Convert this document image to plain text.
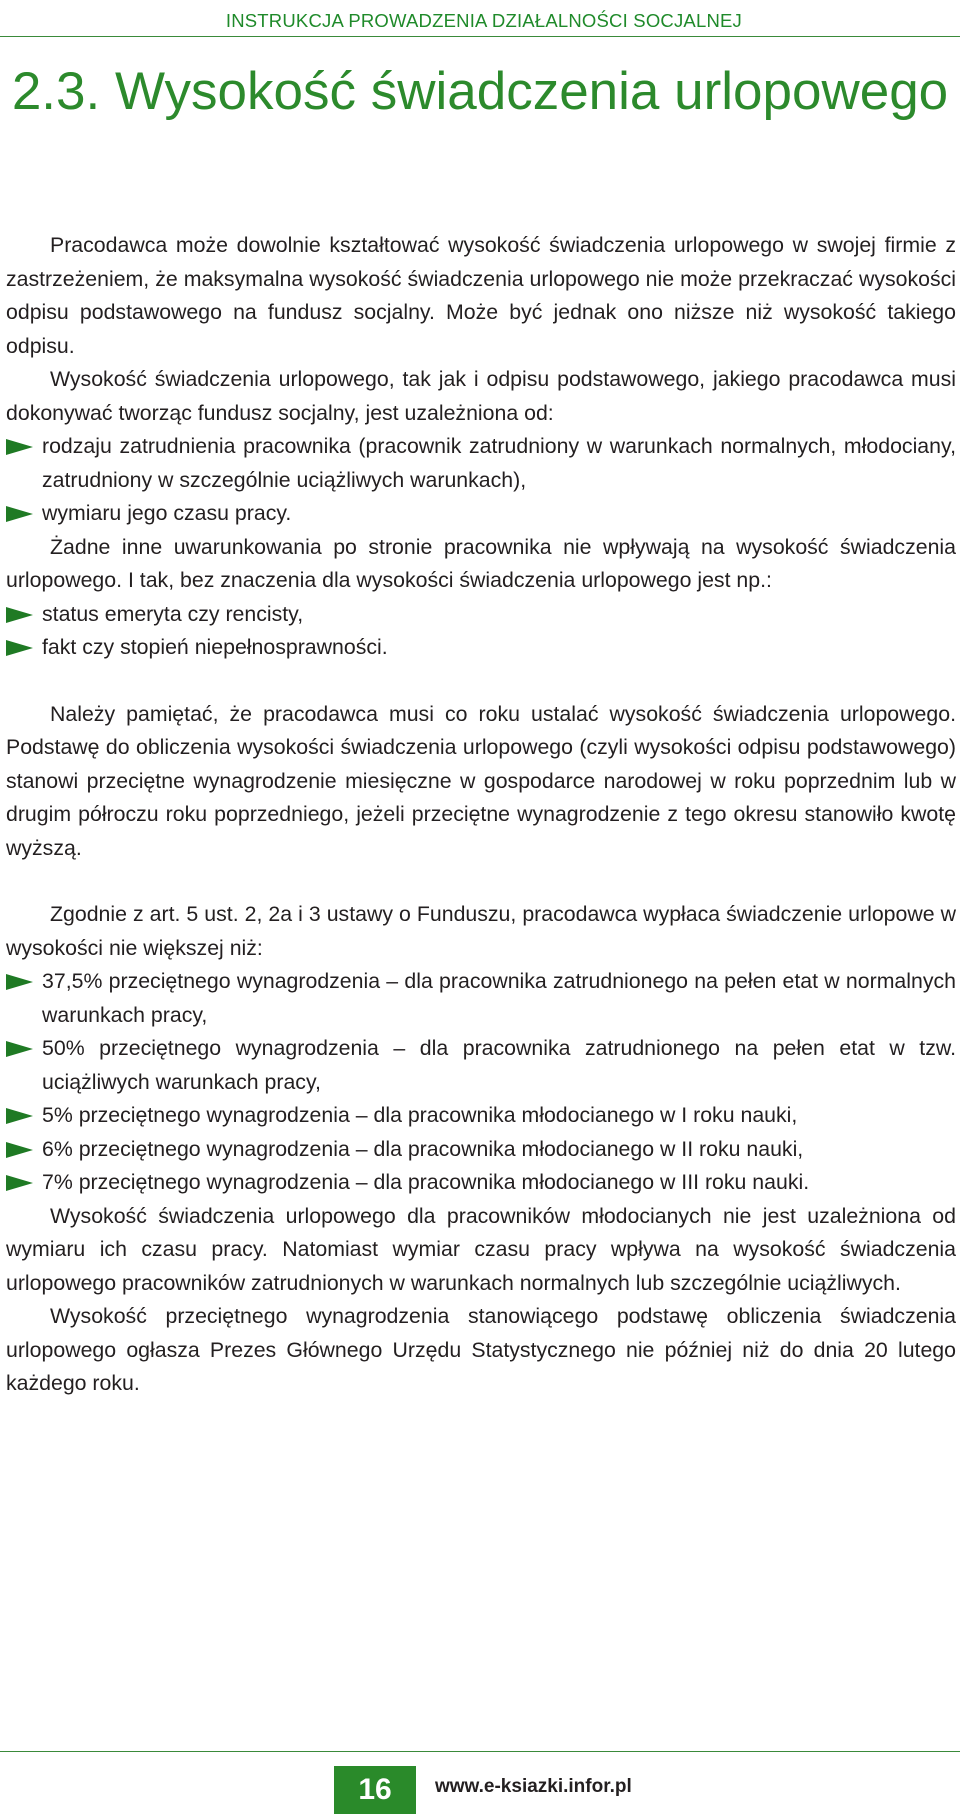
INSTRUKCJA PROWADZENIA DZIAŁALNOŚCI SOCJALNEJ
2.3. Wysokość świadczenia urlopowego

Pracodawca może dowolnie kształtować wysokość świadczenia urlopowego w swojej firmie z zastrzeżeniem, że maksymalna wysokość świadczenia urlopowego nie może przekraczać wysokości odpisu podstawowego na fundusz socjalny. Może być jednak ono niższe niż wysokość takiego odpisu.

Wysokość świadczenia urlopowego, tak jak i odpisu podstawowego, jakiego pracodawca musi dokonywać tworząc fundusz socjalny, jest uzależniona od:

rodzaju zatrudnienia pracownika (pracownik zatrudniony w warunkach normalnych, młodociany, zatrudniony w szczególnie uciążliwych warunkach),
wymiaru jego czasu pracy.

Żadne inne uwarunkowania po stronie pracownika nie wpływają na wysokość świadczenia urlopowego. I tak, bez znaczenia dla wysokości świadczenia urlopowego jest np.:

status emeryta czy rencisty,
fakt czy stopień niepełnosprawności.

Należy pamiętać, że pracodawca musi co roku ustalać wysokość świadczenia urlopowego. Podstawę do obliczenia wysokości świadczenia urlopowego (czyli wysokości odpisu podstawowego) stanowi przeciętne wynagrodzenie miesięczne w gospodarce narodowej w roku poprzednim lub w drugim półroczu roku poprzedniego, jeżeli przeciętne wynagrodzenie z tego okresu stanowiło kwotę wyższą.

Zgodnie z art. 5 ust. 2, 2a i 3 ustawy o Funduszu, pracodawca wypłaca świadczenie urlopowe w wysokości nie większej niż:

37,5% przeciętnego wynagrodzenia – dla pracownika zatrudnionego na pełen etat w normalnych warunkach pracy,
50% przeciętnego wynagrodzenia – dla pracownika zatrudnionego na pełen etat w tzw. uciążliwych warunkach pracy,
5% przeciętnego wynagrodzenia – dla pracownika młodocianego w I roku nauki,
6% przeciętnego wynagrodzenia – dla pracownika młodocianego w II roku nauki,
7% przeciętnego wynagrodzenia – dla pracownika młodocianego w III roku nauki.

Wysokość świadczenia urlopowego dla pracowników młodocianych nie jest uzależniona od wymiaru ich czasu pracy. Natomiast wymiar czasu pracy wpływa na wysokość świadczenia urlopowego pracowników zatrudnionych w warunkach normalnych lub szczególnie uciążliwych.

Wysokość przeciętnego wynagrodzenia stanowiącego podstawę obliczenia świadczenia urlopowego ogłasza Prezes Głównego Urzędu Statystycznego nie później niż do dnia 20 lutego każdego roku.

16	www.e-ksiazki.infor.pl
